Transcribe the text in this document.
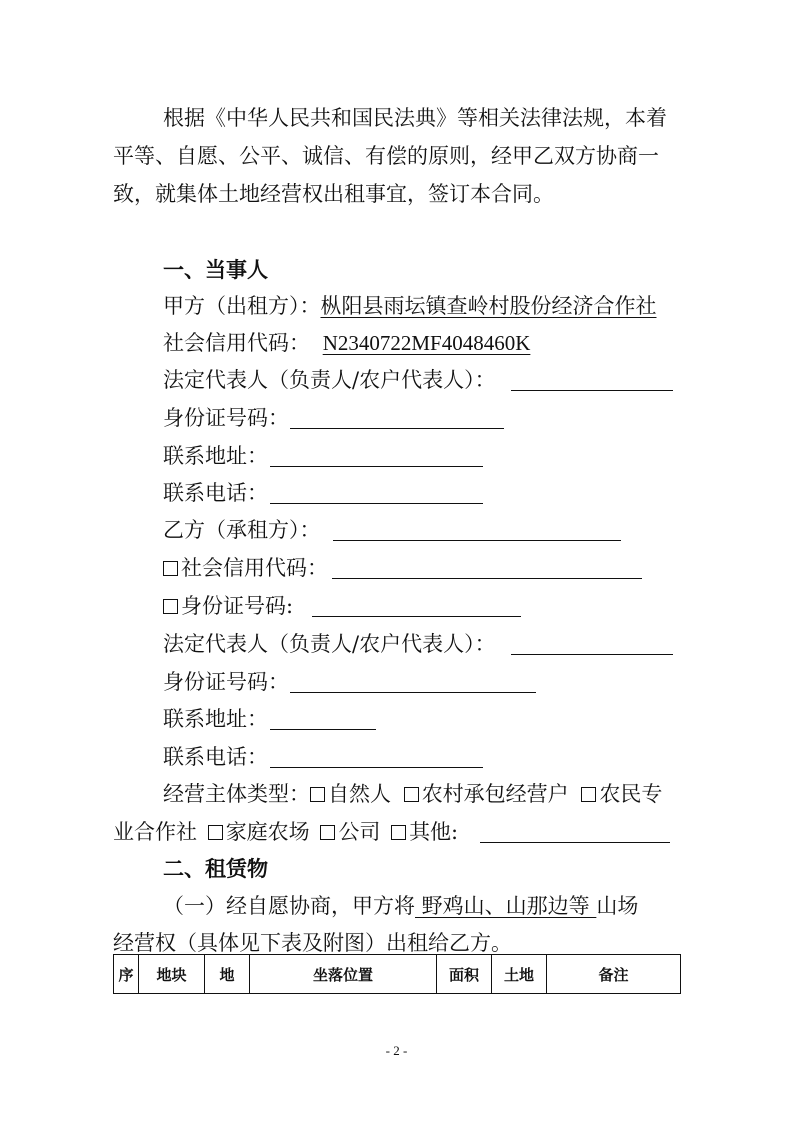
根据《中华人民共和国民法典》等相关法律法规，本着
平等、自愿、公平、诚信、有偿的原则，经甲乙双方协商一
致，就集体土地经营权出租事宜，签订本合同。
一、当事人
甲方（出租方）：枞阳县雨坛镇查岭村股份经济合作社
社会信用代码： N2340722MF4048460K
法定代表人（负责人/农户代表人）：
身份证号码：
联系地址：
联系电话：
乙方（承租方）：
社会信用代码：
身份证号码:
法定代表人（负责人/农户代表人）：
身份证号码：
联系地址：
联系电话：
经营主体类型： 自然人 农村承包经营户 农民专
业合作社 家庭农场 公司 其他:
二、租赁物
（一）经自愿协商，甲方将 野鸡山、山那边等 山场
经营权（具体见下表及附图）出租给乙方。
序	地块	地	坐落位置	面积	土地	备注
- 2 -
